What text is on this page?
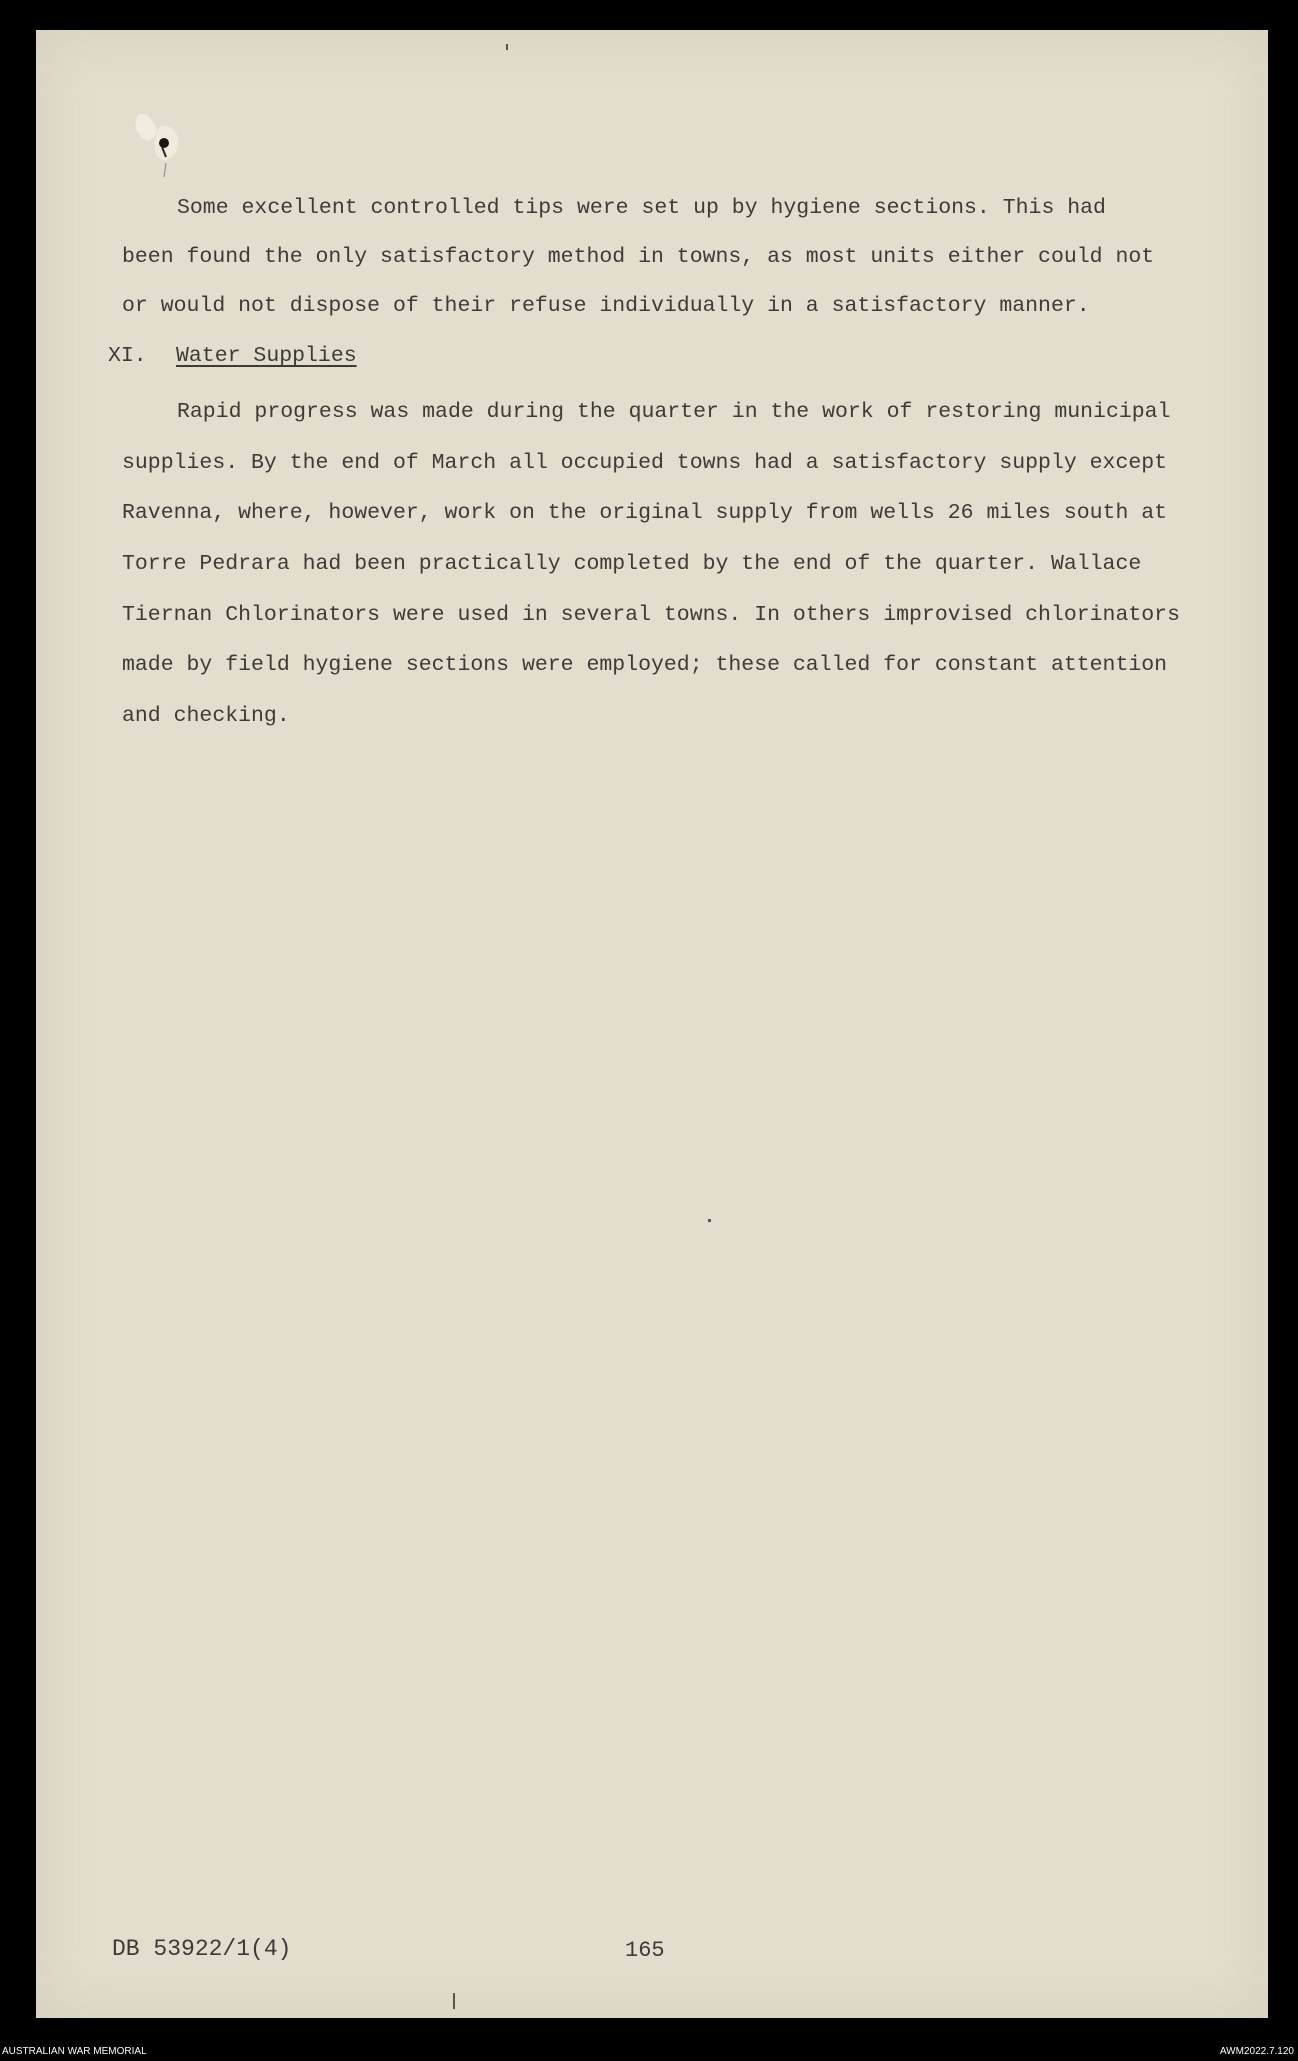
Some excellent controlled tips were set up by hygiene sections. This had
been found the only satisfactory method in towns, as most units either could not
or would not dispose of their refuse individually in a satisfactory manner.
XI. Water Supplies
Rapid progress was made during the quarter in the work of restoring municipal
supplies. By the end of March all occupied towns had a satisfactory supply except
Ravenna, where, however, work on the original supply from wells 26 miles south at
Torre Pedrara had been practically completed by the end of the quarter. Wallace
Tiernan Chlorinators were used in several towns. In others improvised chlorinators
made by field hygiene sections were employed; these called for constant attention
and checking.
DB 53922/1(4)	165
AUSTRALIAN WAR MEMORIAL	AWM2022.7.120
